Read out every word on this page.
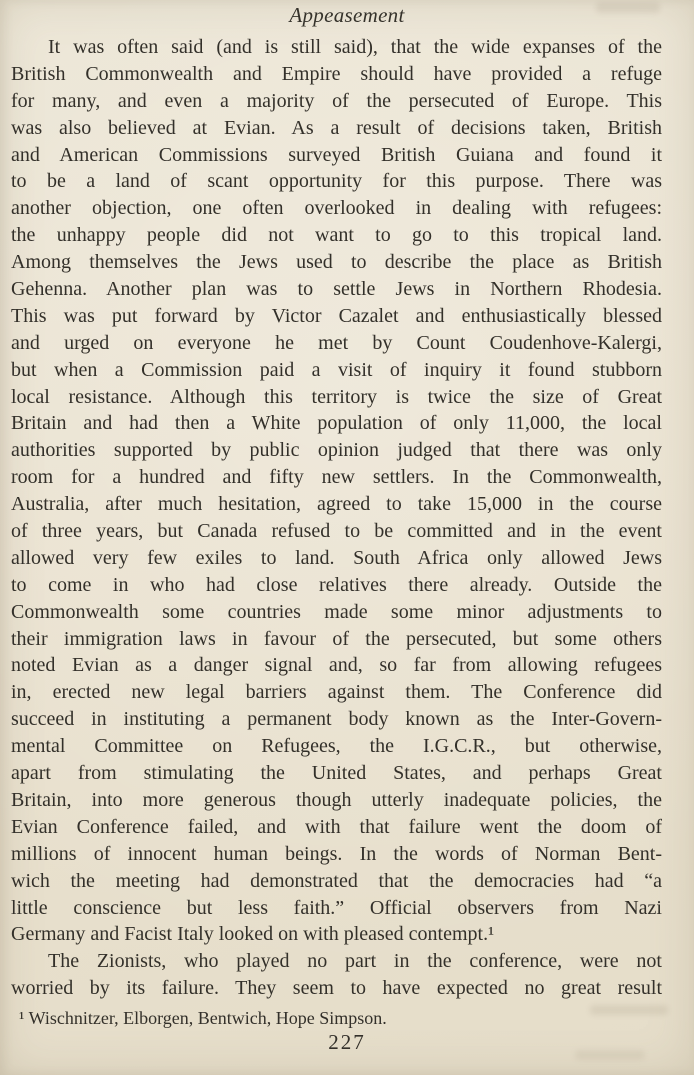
Appeasement
It was often said (and is still said), that the wide expanses of the
British Commonwealth and Empire should have provided a refuge
for many, and even a majority of the persecuted of Europe. This
was also believed at Evian. As a result of decisions taken, British
and American Commissions surveyed British Guiana and found it
to be a land of scant opportunity for this purpose. There was
another objection, one often overlooked in dealing with refugees:
the unhappy people did not want to go to this tropical land.
Among themselves the Jews used to describe the place as British
Gehenna. Another plan was to settle Jews in Northern Rhodesia.
This was put forward by Victor Cazalet and enthusiastically blessed
and urged on everyone he met by Count Coudenhove-Kalergi,
but when a Commission paid a visit of inquiry it found stubborn
local resistance. Although this territory is twice the size of Great
Britain and had then a White population of only 11,000, the local
authorities supported by public opinion judged that there was only
room for a hundred and fifty new settlers. In the Commonwealth,
Australia, after much hesitation, agreed to take 15,000 in the course
of three years, but Canada refused to be committed and in the event
allowed very few exiles to land. South Africa only allowed Jews
to come in who had close relatives there already. Outside the
Commonwealth some countries made some minor adjustments to
their immigration laws in favour of the persecuted, but some others
noted Evian as a danger signal and, so far from allowing refugees
in, erected new legal barriers against them. The Conference did
succeed in instituting a permanent body known as the Inter-Govern-
mental Committee on Refugees, the I.G.C.R., but otherwise,
apart from stimulating the United States, and perhaps Great
Britain, into more generous though utterly inadequate policies, the
Evian Conference failed, and with that failure went the doom of
millions of innocent human beings. In the words of Norman Bent-
wich the meeting had demonstrated that the democracies had “a
little conscience but less faith.” Official observers from Nazi
Germany and Facist Italy looked on with pleased contempt.¹
The Zionists, who played no part in the conference, were not
worried by its failure. They seem to have expected no great result
¹ Wischnitzer, Elborgen, Bentwich, Hope Simpson.
227
